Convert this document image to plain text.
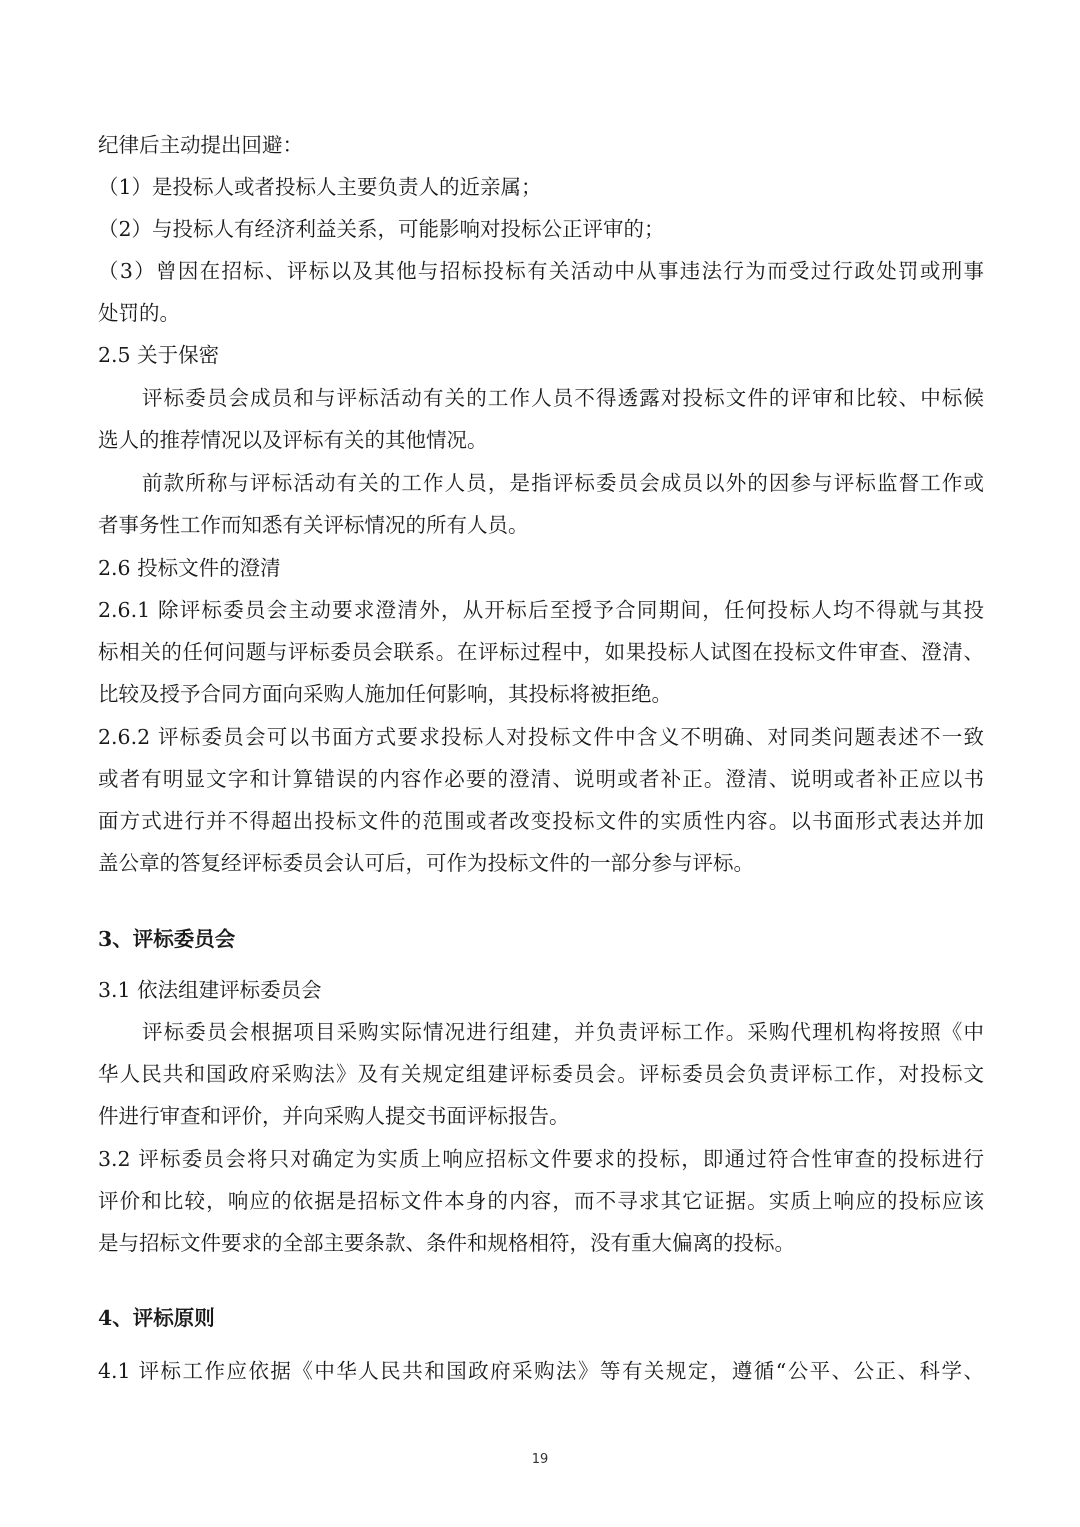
纪律后主动提出回避：
（1）是投标人或者投标人主要负责人的近亲属；
（2）与投标人有经济利益关系，可能影响对投标公正评审的；
（3）曾因在招标、评标以及其他与招标投标有关活动中从事违法行为而受过行政处罚或刑事
处罚的。
2.5 关于保密
评标委员会成员和与评标活动有关的工作人员不得透露对投标文件的评审和比较、中标候
选人的推荐情况以及评标有关的其他情况。
前款所称与评标活动有关的工作人员，是指评标委员会成员以外的因参与评标监督工作或
者事务性工作而知悉有关评标情况的所有人员。
2.6 投标文件的澄清
2.6.1 除评标委员会主动要求澄清外，从开标后至授予合同期间，任何投标人均不得就与其投
标相关的任何问题与评标委员会联系。在评标过程中，如果投标人试图在投标文件审查、澄清、
比较及授予合同方面向采购人施加任何影响，其投标将被拒绝。
2.6.2 评标委员会可以书面方式要求投标人对投标文件中含义不明确、对同类问题表述不一致
或者有明显文字和计算错误的内容作必要的澄清、说明或者补正。澄清、说明或者补正应以书
面方式进行并不得超出投标文件的范围或者改变投标文件的实质性内容。以书面形式表达并加
盖公章的答复经评标委员会认可后，可作为投标文件的一部分参与评标。
3、评标委员会
3.1 依法组建评标委员会
评标委员会根据项目采购实际情况进行组建，并负责评标工作。采购代理机构将按照《中
华人民共和国政府采购法》及有关规定组建评标委员会。评标委员会负责评标工作，对投标文
件进行审查和评价，并向采购人提交书面评标报告。
3.2 评标委员会将只对确定为实质上响应招标文件要求的投标，即通过符合性审查的投标进行
评价和比较，响应的依据是招标文件本身的内容，而不寻求其它证据。实质上响应的投标应该
是与招标文件要求的全部主要条款、条件和规格相符，没有重大偏离的投标。
4、评标原则
4.1 评标工作应依据《中华人民共和国政府采购法》等有关规定，遵循“公平、公正、科学、
19
